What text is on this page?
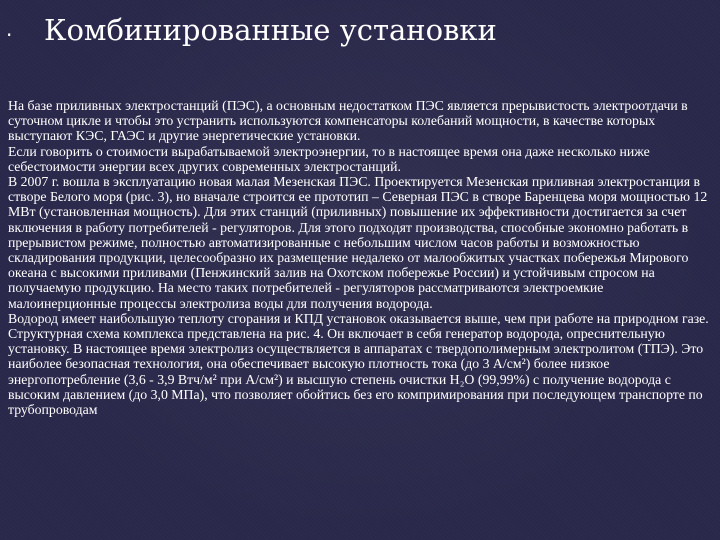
. Комбинированные установки

На базе приливных электростанций (ПЭС), а основным недостатком ПЭС является прерывистость электроотдачи в суточном цикле и чтобы это устранить используются компенсаторы колебаний мощности, в качестве которых выступают КЭС, ГАЭС и другие энергетические установки.

Если говорить о стоимости вырабатываемой электроэнергии, то в настоящее время она даже несколько ниже себестоимости энергии всех других современных электростанций.

В 2007 г. вошла в эксплуатацию новая малая Мезенская ПЭС. Проектируется Мезенская приливная электростанция в створе Белого моря (рис. 3), но вначале строится ее прототип – Северная ПЭС в створе Баренцева моря мощностью 12 МВт (установленная мощность). Для этих станций (приливных) повышение их эффективности достигается за счет включения в работу потребителей - регуляторов. Для этого подходят производства, способные экономно работать в прерывистом режиме, полностью автоматизированные с небольшим числом часов работы и возможностью складирования продукции, целесообразно их размещение недалеко от малообжитых участках побережья Мирового океана с высокими приливами (Пенжинский залив на Охотском побережье России) и устойчивым спросом на получаемую продукцию. На место таких потребителей - регуляторов рассматриваются электроемкие малоинерционные процессы электролиза воды для получения водорода.

Водород имеет наибольшую теплоту сгорания и КПД установок оказывается выше, чем при работе на природном газе. Структурная схема комплекса представлена на рис. 4. Он включает в себя генератор водорода, опреснительную установку. В настоящее время электролиз осуществляется в аппаратах с твердополимерным электролитом (ТПЭ). Это наиболее безопасная технология, она обеспечивает высокую плотность тока (до 3 А/см²) более низкое энергопотребление (3,6 - 3,9 Втч/м² при А/см²) и высшую степень очистки H₂O (99,99%) с получение водорода с высоким давлением (до 3,0 МПа), что позволяет обойтись без его компримирования при последующем транспорте по трубопроводам
